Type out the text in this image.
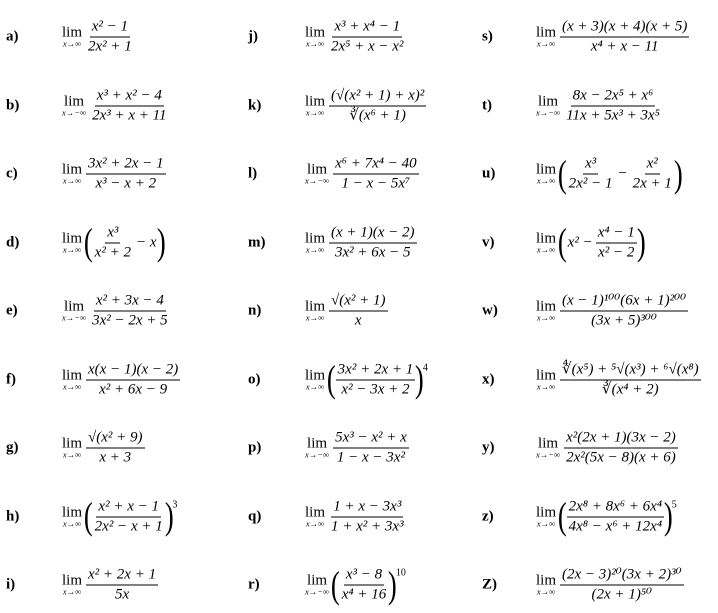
a)	lim
$x\to\infty \frac{\text{x² − 1}}{\text{2x² + 1}}$
b)	lim
$x\to-\infty \frac{\text{x³ + x² − 4}}{\text{2x³ + x + 11}}$
c)	lim
$x\to\infty \frac{\text{3x² + 2x − 1}}{\text{x³ − x + 2}}$
d)	lim
x→∞ ( $\frac{\text{x³}}{\text{x² + 2}} - x$ )
e)	lim
$x\to-\infty \frac{\text{x² + 3x − 4}}{\text{3x² − 2x + 5}}$
f)	lim
$x\to\infty \frac{x(x - 1)(x - 2)}{\text{x² + 6x − 9}}$
g)	lim
$x\to\infty \frac{\text{√(x² + 9)}}{x + 3}$
h)	lim
x→∞ ( $\frac{\text{x² + x − 1}}{\text{2x² − x + 1}}$ )
3
i)	lim
$x\to\infty \frac{\text{x² + 2x + 1}}{5x}$
j)	lim
$x\to\infty \frac{\text{x³ + x⁴ − 1}}{\text{2x⁵ + x − x²}}$
k)	lim
$x\to\infty \frac{\text{(√(x² + 1) + x)²}}{\text{∛(x⁶ + 1)}}$
l)	lim
$x\to-\infty \frac{\text{x⁶ + 7x⁴ − 40}}{\text{1 − x − 5x⁷}}$
m)	lim
$x\to\infty \frac{(x + 1)(x - 2)}{\text{3x² + 6x − 5}}$
n)	lim
$x\to\infty \frac{\text{√(x² + 1)}}{x}$
o)	lim
x→∞ ( $\frac{\text{3x² + 2x + 1}}{\text{x² − 3x + 2}}$ )
4
p)	lim
$x\to-\infty \frac{\text{5x³ − x² + x}}{\text{1 − x − 3x²}}$
q)	lim
$x\to\infty \frac{\text{1 + x − 3x³}}{\text{1 + x² + 3x³}}$
r)	lim
x→−∞ ( $\frac{\text{x³ − 8}}{\text{x⁴ + 16}}$ )
10
s)	lim
$x\to\infty \frac{(x + 3)(x + 4)(x + 5)}{\text{x⁴ + x − 11}}$
t)	lim
$x\to-\infty \frac{\text{8x − 2x⁵ + x⁶}}{\text{11x + 5x³ + 3x⁵}}$
u)	lim
x→∞ ( $\frac{\text{x³}}{\text{2x² − 1}} - \frac{\text{x²}}{2x + 1}$ )
v)	lim
x→∞ ( $x^2 - \frac{\text{x⁴ − 1}}{\text{x² − 2}}$ )
w)	lim
$x\to\infty \frac{\text{(x − 1)¹⁰⁰(6x + 1)²⁰⁰}}{\text{(3x + 5)³⁰⁰}}$
x)	lim
$x\to\infty \frac{\text{∜(x⁵) + ⁵√(x³) + ⁶√(x⁸)}}{\text{∛(x⁴ + 2)}}$
y)	lim
$x\to-\infty \frac{\text{x²(2x + 1)(3x − 2)}}{\text{2x²(5x − 8)(x + 6)}}$
z)	lim
x→∞ ( $\frac{\text{2x⁸ + 8x⁶ + 6x⁴}}{\text{4x⁸ − x⁶ + 12x⁴}}$ )
5
Z)	lim
$x\to\infty \frac{\text{(2x − 3)²⁰(3x + 2)³⁰}}{\text{(2x + 1)⁵⁰}}$
